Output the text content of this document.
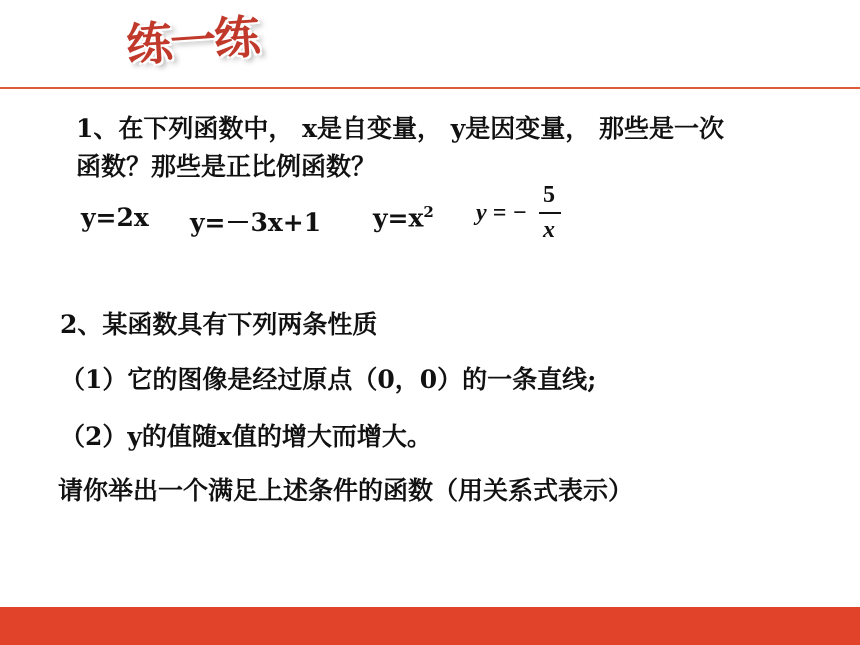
练一练
1、在下列函数中， x是自变量， y是因变量， 那些是一次
函数？那些是正比例函数？
y=2x y=－3x+1 $y=x^2$ y = −
5
x
2、某函数具有下列两条性质
（1）它的图像是经过原点（0，0）的一条直线;
（2）y的值随x值的增大而增大。
请你举出一个满足上述条件的函数（用关系式表示）
